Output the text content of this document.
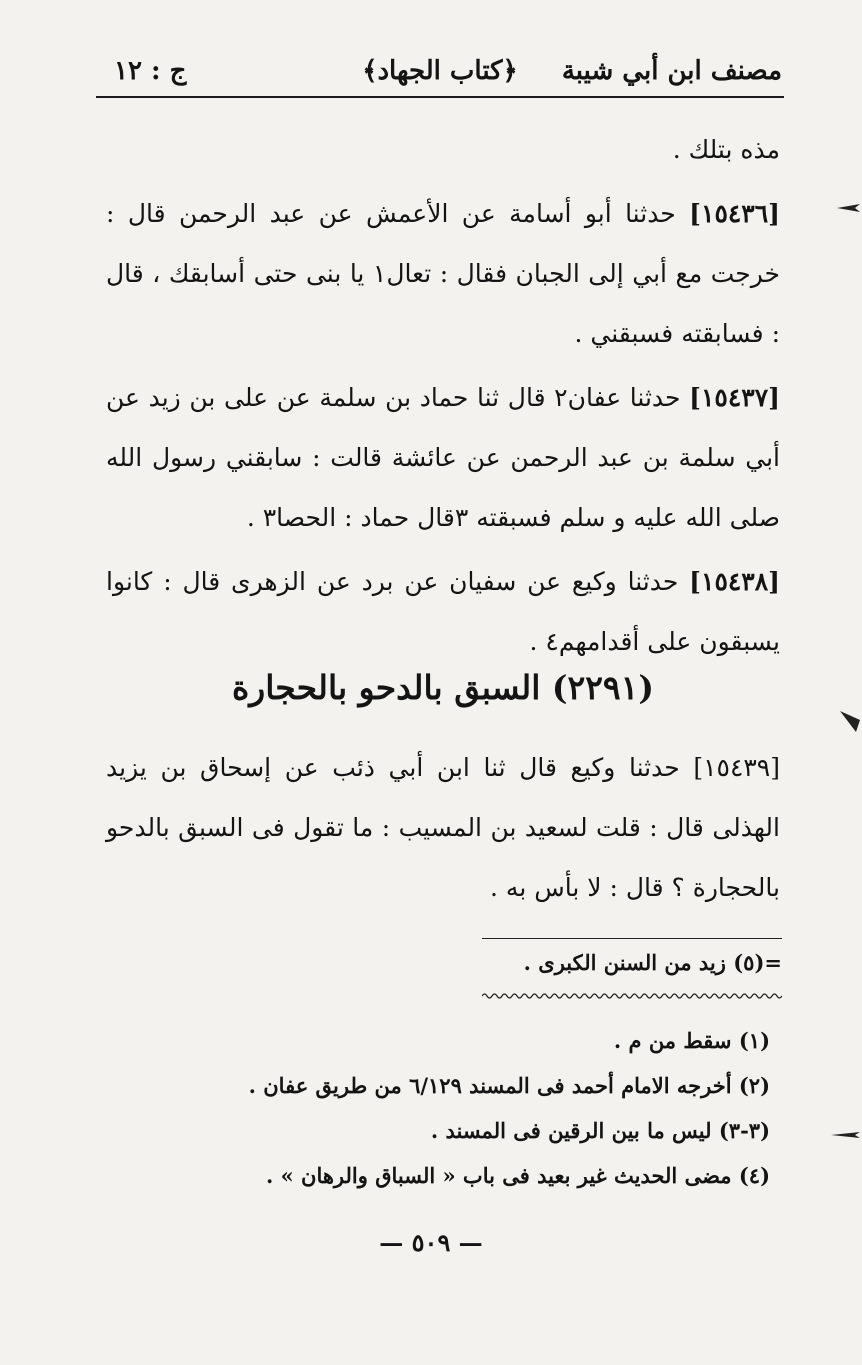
مصنف ابن أبي شيبة
﴿كتاب الجهاد﴾
ج : ١٢

مذه بتلك .

[١٥٤٣٦] حدثنا أبو أسامة عن الأعمش عن عبد الرحمن قال : خرجت مع أبي إلى الجبان فقال : تعال١ يا بنى حتى أسابقك ، قال : فسابقته فسبقني .

[١٥٤٣٧] حدثنا عفان٢ قال ثنا حماد بن سلمة عن على بن زيد عن أبي سلمة بن عبد الرحمن عن عائشة قالت : سابقني رسول الله صلى الله عليه و سلم فسبقته ٣قال حماد : الحصا٣ .

[١٥٤٣٨] حدثنا وكيع عن سفيان عن برد عن الزهرى قال : كانوا يسبقون على أقدامهم٤ .

(٢٢٩١) السبق بالدحو بالحجارة

[١٥٤٣٩] حدثنا وكيع قال ثنا ابن أبي ذئب عن إسحاق بن يزيد الهذلى قال : قلت لسعيد بن المسيب : ما تقول فى السبق بالدحو بالحجارة ؟ قال : لا بأس به .

=(٥) زيد من السنن الكبرى .
(١) سقط من م .
(٢) أخرجه الامام أحمد فى المسند ٦/١٢٩ من طريق عفان .
(٣-٣) ليس ما بين الرقين فى المسند .
(٤) مضى الحديث غير بعيد فى باب « السباق والرهان » .
— ٥٠٩ —
